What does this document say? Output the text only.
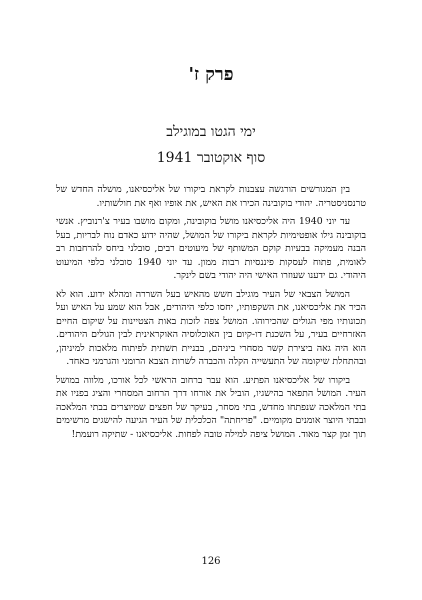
פרק ז'
ימי הגטו במוגילב
סוף אוקטובר 1941

בין המגורשים הורגשה עצבנות לקראת ביקורו של אליכסיאנו, מושלה החדש של טרנסניסטריה. יהודי בוקובינה הכירו את האיש, את אופיו ואף את חולשותיו.

עד יוני 1940 היה אליכסיאנו מושל בוקובינה, ומקום מושבו בעיר צ'רנוביץ. אנשי בוקובינה גילו אופטימיות לקראת ביקורו של המושל, שהיה ידוע כאדם נוח לבריות, בעל הבנה מעמיקה בבעיות קוקם המשותף של מיעוטים רבים, סובלני ביחס להרחבות רב לאומית, פתוח לעסקות פיננסיות רבות ממון. עד יוני 1940 סובלני כלפי המיעוט היהודי. גם ידענו שעוזרו האישי היה יהודי בשם לינקר.

המושל הצבאי של העיר מוגילב חשש מהאיש בעל השררה ומהלא ידוע. הוא לא הכיר את אליכסיאנו, את השקפותיו, יחסו כלפי היהודים, אבל הוא שמע על האיש ועל תכונותיו מפי הגולים שהכירוהו. המושל צפה לזכות באות הצטיינות על שיקום החיים האזרחיים בעיר, על השכנת דו-קיום בין האוכלוסיה האוקראינית לבין הגולים היהודים. הוא היה גאה ביצירת קשר מסחרי ביניהם, בבניית תשתית לפיתוח מלאכות למיניהן, ובהתחלת שיקומה של התעשייה הקלה והכבדה לשרות הצבא הרומני והגרמני כאחד.

ביקורו של אליכסיאנו הפתיע. הוא עבר ברחוב הראשי לכל אורכו, מלווה במושל העיר. המושל התפאר בהישגיו, הוביל את אורחו דרך הרחוב המסחרי והציג בפניו את בתי המלאכה שנפתחו מחדש, בתי מסחר, בעיקר של חפצים שמיוצרים בבתי המלאכה ובבתי היוצר אומנים מקומיים. "פריחתה" הכלכלית של העיר הגיעה להישגים מרשימים תוך זמן קצר מאוד. המושל ציפה למילה טובה לפחות. אליכסיאנו - שתיקה רועמת!

126
